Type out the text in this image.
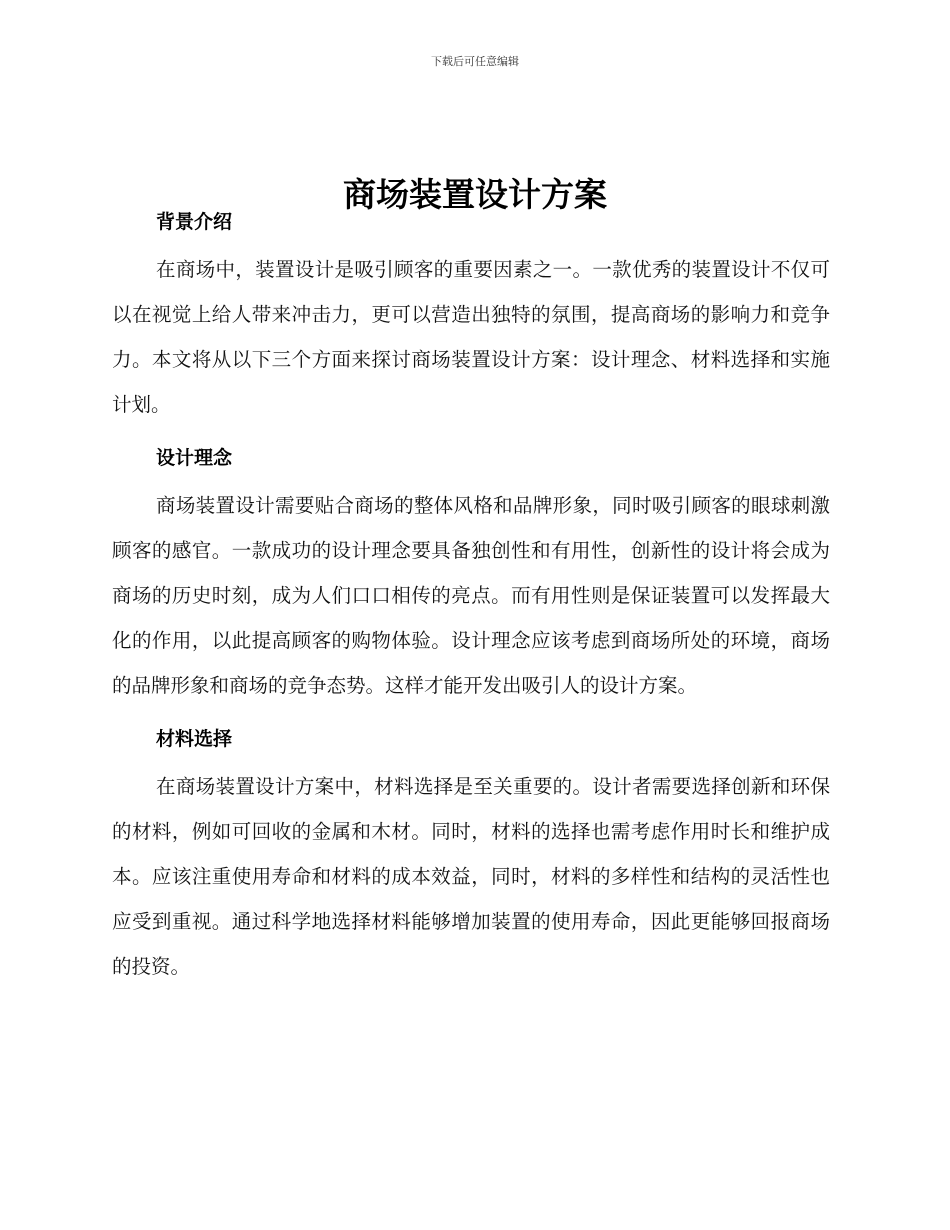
下载后可任意编辑
商场装置设计方案
背景介绍

在商场中，装置设计是吸引顾客的重要因素之一。一款优秀的装置设计不仅可以在视觉上给人带来冲击力，更可以营造出独特的氛围，提高商场的影响力和竞争力。本文将从以下三个方面来探讨商场装置设计方案：设计理念、材料选择和实施计划。

设计理念

商场装置设计需要贴合商场的整体风格和品牌形象，同时吸引顾客的眼球刺激顾客的感官。一款成功的设计理念要具备独创性和有用性，创新性的设计将会成为商场的历史时刻，成为人们口口相传的亮点。而有用性则是保证装置可以发挥最大化的作用，以此提高顾客的购物体验。设计理念应该考虑到商场所处的环境，商场的品牌形象和商场的竞争态势。这样才能开发出吸引人的设计方案。

材料选择

在商场装置设计方案中，材料选择是至关重要的。设计者需要选择创新和环保的材料，例如可回收的金属和木材。同时，材料的选择也需考虑作用时长和维护成本。应该注重使用寿命和材料的成本效益，同时，材料的多样性和结构的灵活性也应受到重视。通过科学地选择材料能够增加装置的使用寿命，因此更能够回报商场的投资。
